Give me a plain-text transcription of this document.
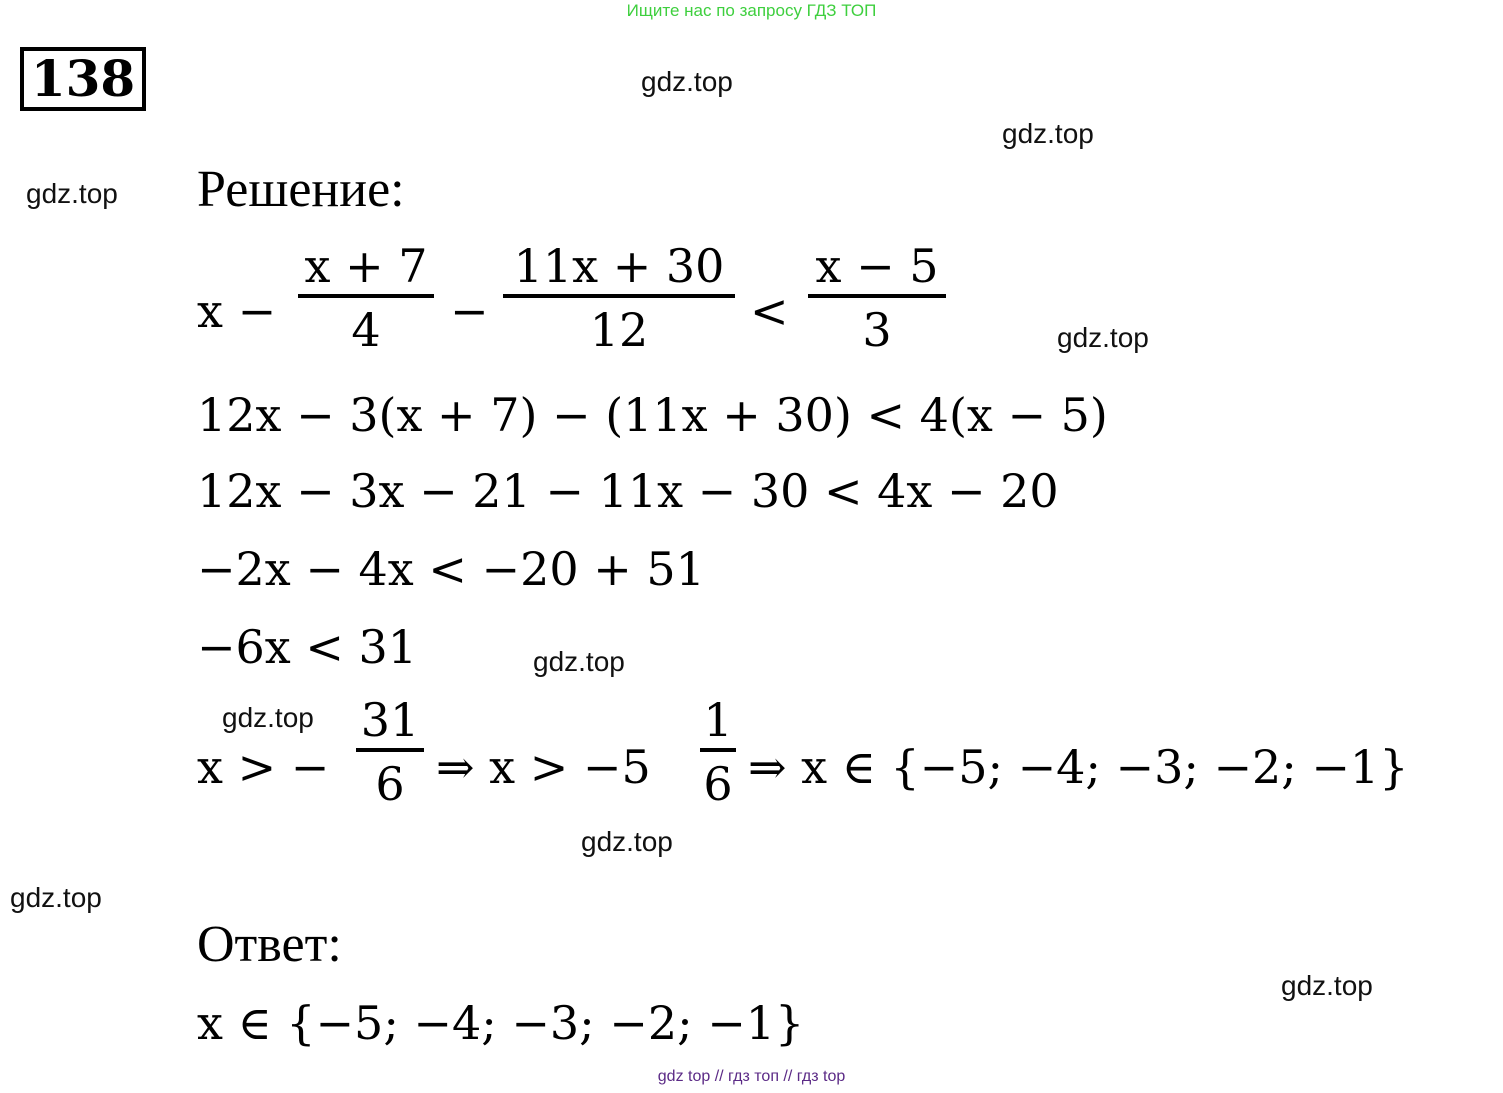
Ищите нас по запросу ГДЗ ТОП
138	gdz.top
gdz.top
gdz.top
gdz.top
gdz.top
gdz.top
gdz.top
gdz.top
gdz.top
Решение:
x −
x + 7
4	−
11x + 30
12	<
x − 5
3
12x − 3(x + 7) − (11x + 30) < 4(x − 5)
12x − 3x − 21 − 11x − 30 < 4x − 20
−2x − 4x < −20 + 51
−6x < 31
x > −
31
6 ⇒ x > −5
1
6 ⇒ x ∈ {−5; −4; −3; −2; −1}
Ответ:
x ∈ {−5; −4; −3; −2; −1}
gdz top // гдз топ // гдз top
